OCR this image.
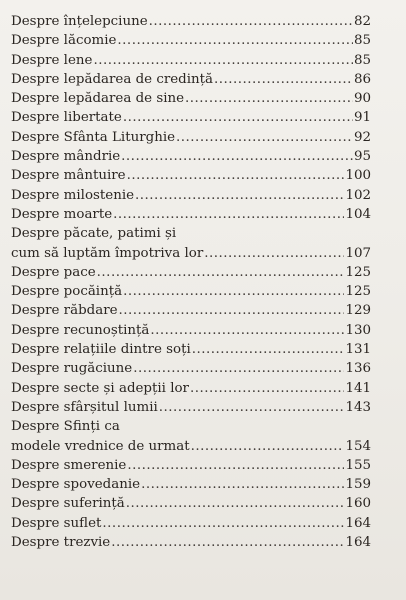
Despre înțelepciune .....	82
Despre lăcomie .....	85
Despre lene .....	85
Despre lepădarea de credință .....	86
Despre lepădarea de sine .....	90
Despre libertate .....	91
Despre Sfânta Liturghie .....	92
Despre mândrie .....	95
Despre mântuire .....	100
Despre milostenie .....	102
Despre moarte .....	104
Despre păcate, patimi și
cum să luptăm împotriva lor .....	107
Despre pace .....	125
Despre pocăință .....	125
Despre răbdare .....	129
Despre recunoștință .....	130
Despre relațiile dintre soți .....	131
Despre rugăciune .....	136
Despre secte și adepții lor .....	141
Despre sfârșitul lumii .....	143
Despre Sfinți ca
modele vrednice de urmat .....	154
Despre smerenie .....	155
Despre spovedanie .....	159
Despre suferință .....	160
Despre suflet .....	164
Despre trezvie .....	164
